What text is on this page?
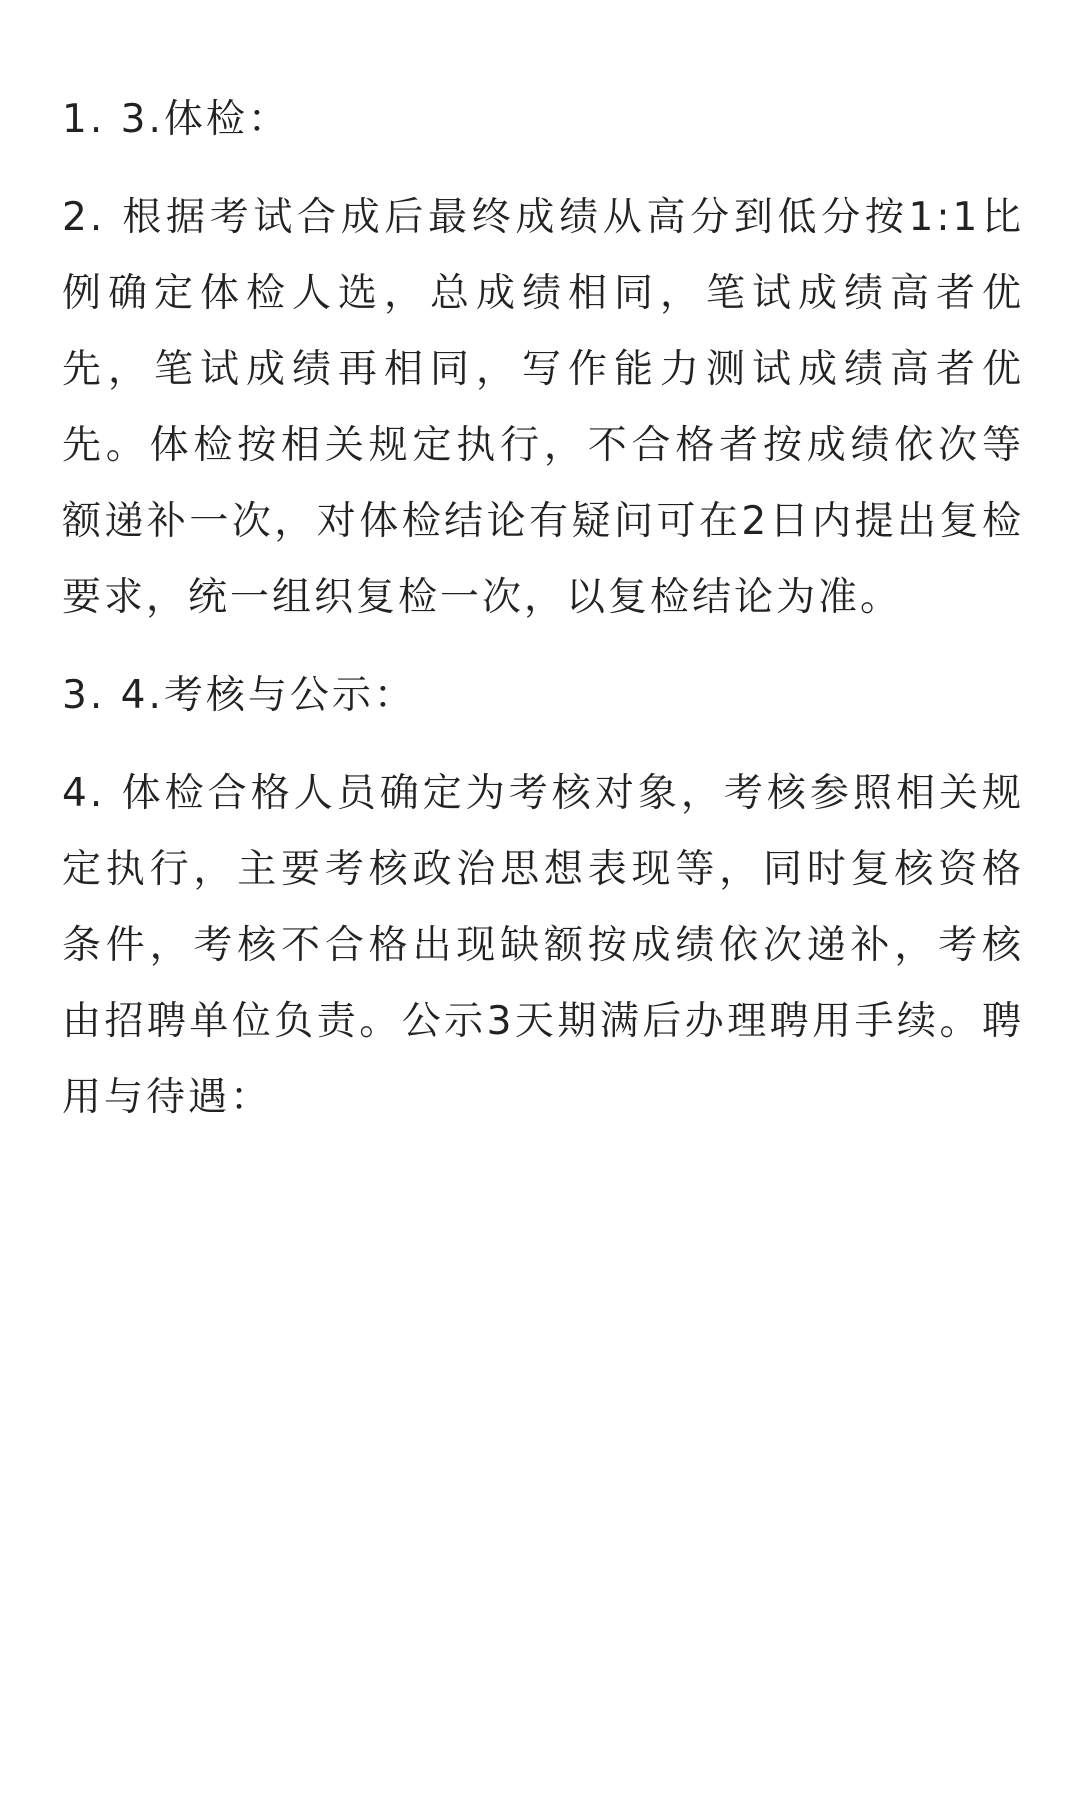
1. 3.体检：

2. 根据考试合成后最终成绩从高分到低分按1:1比例确定体检人选，总成绩相同，笔试成绩高者优先，笔试成绩再相同，写作能力测试成绩高者优先。体检按相关规定执行，不合格者按成绩依次等额递补一次，对体检结论有疑问可在2日内提出复检要求，统一组织复检一次，以复检结论为准。

3. 4.考核与公示：

4. 体检合格人员确定为考核对象，考核参照相关规定执行，主要考核政治思想表现等，同时复核资格条件，考核不合格出现缺额按成绩依次递补，考核由招聘单位负责。公示3天期满后办理聘用手续。聘用与待遇：
